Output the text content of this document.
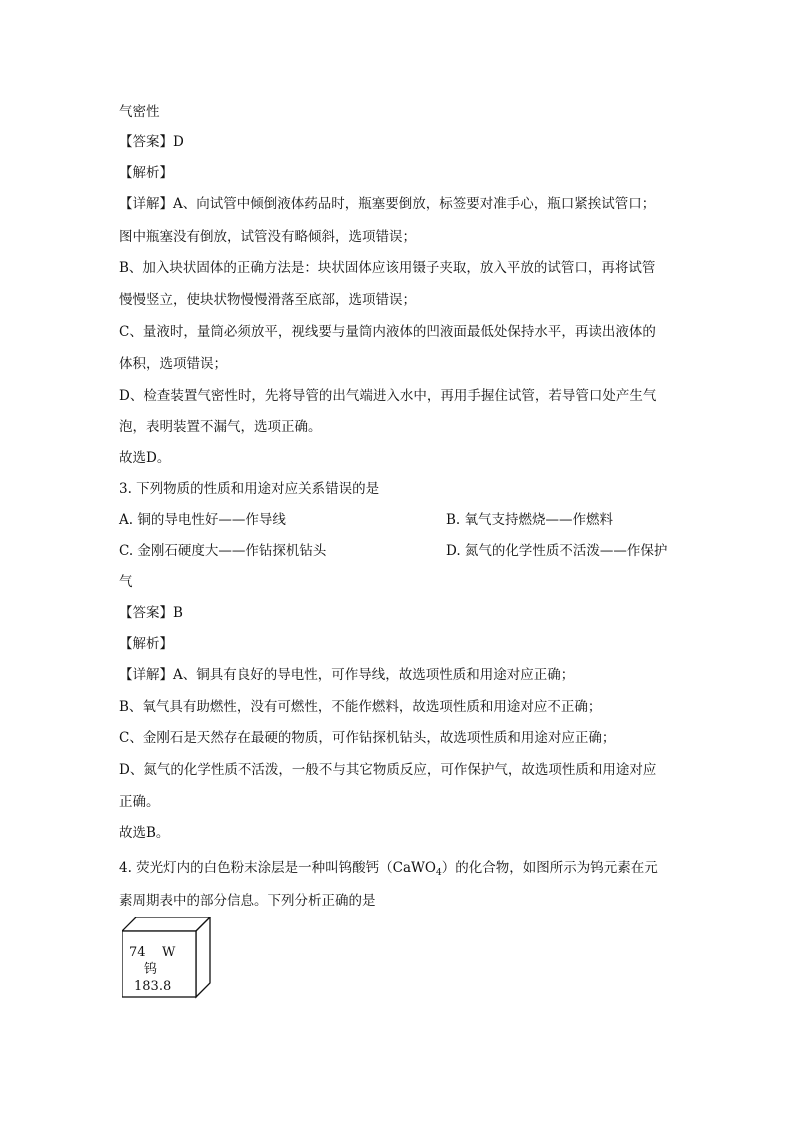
气密性
【答案】D
【解析】
【详解】A、向试管中倾倒液体药品时，瓶塞要倒放，标签要对准手心，瓶口紧挨试管口；
图中瓶塞没有倒放，试管没有略倾斜，选项错误；
B、加入块状固体的正确方法是：块状固体应该用镊子夹取，放入平放的试管口，再将试管
慢慢竖立，使块状物慢慢滑落至底部，选项错误；
C、量液时，量筒必须放平，视线要与量筒内液体的凹液面最低处保持水平，再读出液体的
体积，选项错误；
D、检查装置气密性时，先将导管的出气端进入水中，再用手握住试管，若导管口处产生气
泡，表明装置不漏气，选项正确。
故选D。
3. 下列物质的性质和用途对应关系错误的是
A. 铜的导电性好——作导线	B. 氧气支持燃烧——作燃料
C. 金刚石硬度大——作钻探机钻头	D. 氮气的化学性质不活泼——作保护
气
【答案】B
【解析】
【详解】A、铜具有良好的导电性，可作导线，故选项性质和用途对应正确；
B、氧气具有助燃性，没有可燃性，不能作燃料，故选项性质和用途对应不正确；
C、金刚石是天然存在最硬的物质，可作钻探机钻头，故选项性质和用途对应正确；
D、氮气的化学性质不活泼，一般不与其它物质反应，可作保护气，故选项性质和用途对应
正确。
故选B。
4. 荧光灯内的白色粉末涂层是一种叫钨酸钙（CaWO$_4$）的化合物，如图所示为钨元素在元
素周期表中的部分信息。下列分析正确的是
74 W
钨
183.8
